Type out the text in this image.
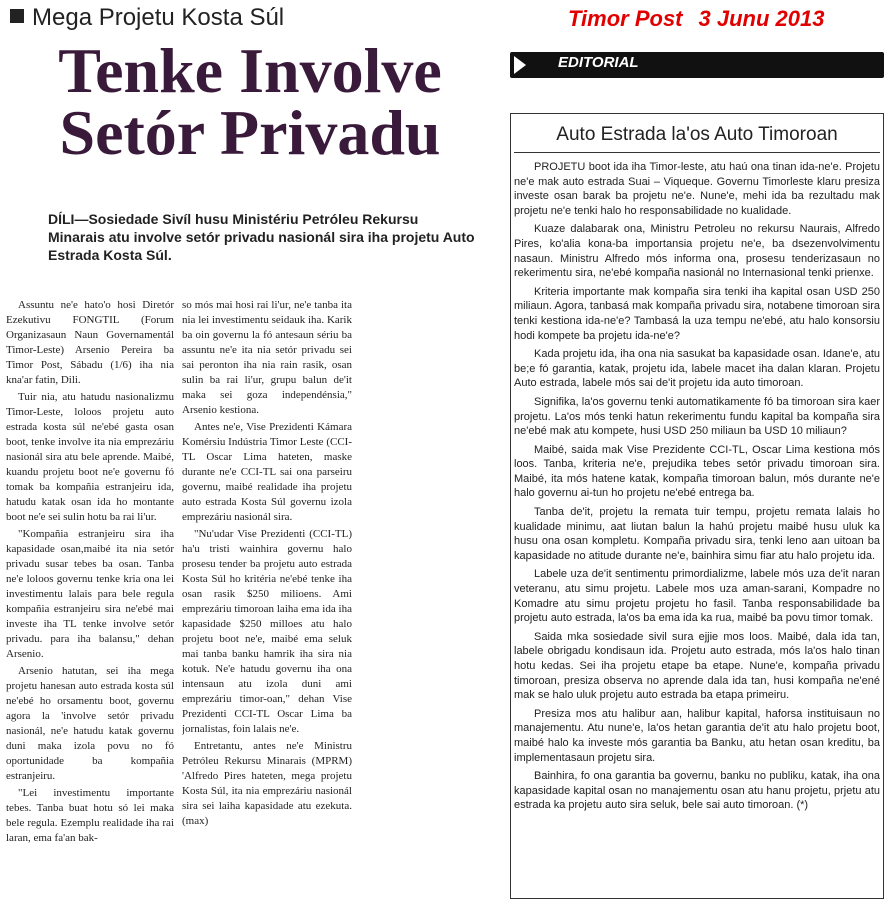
Mega Projetu Kosta Súl	Timor Post 3 Junu 2013
Tenke Involve
Setór Privadu
DÍLI—Sosiedade Sivíl husu Ministériu Petróleu Rekursu Minarais atu involve setór privadu nasionál sira iha projetu Auto Estrada Kosta Súl.

Assuntu ne'e hato'o hosi Diretór Ezekutivu FONGTIL (Forum Organizasaun Naun Governamentál Timor-Leste) Arsenio Pereira ba Timor Post, Sábadu (1/6) iha nia kna'ar fatin, Dili.

Tuir nia, atu hatudu nasionalizmu Timor-Leste, loloos projetu auto estrada kosta súl ne'ebé gasta osan boot, tenke involve ita nia emprezáriu nasionál sira atu bele aprende. Maibé, kuandu projetu boot ne'e governu fó tomak ba kompañia estranjeiru ida, hatudu katak osan ida ho montante boot ne'e sei sulin hotu ba rai li'ur.

"Kompañia estranjeiru sira iha kapasidade osan,maibé ita nia setór privadu susar tebes ba osan. Tanba ne'e loloos governu tenke kria ona lei investimentu lalais para bele regula kompañia estranjeiru sira ne'ebé mai investe iha TL tenke involve setór privadu. para iha balansu," dehan Arsenio.

Arsenio hatutan, sei iha mega projetu hanesan auto estrada kosta súl ne'ebé ho orsamentu boot, governu agora la 'involve setór privadu nasionál, ne'e hatudu katak governu duni maka izola povu no fó oportunidade ba kompañia estranjeiru.

"Lei investimentu importante tebes. Tanba buat hotu só lei maka bele regula. Ezemplu realidade iha rai laran, ema fa'an bak-

so mós mai hosi rai li'ur, ne'e tanba ita nia lei investimentu seidauk iha. Karik ba oin governu la fó antesaun sériu ba assuntu ne'e ita nia setór privadu sei sai peronton iha nia rain rasik, osan sulin ba rai li'ur, grupu balun de'it maka sei goza independénsia," Arsenio kestiona.

Antes ne'e, Vise Prezidenti Kámara Komérsiu Indústria Timor Leste (CCI-TL Oscar Lima hateten, maske durante ne'e CCI-TL sai ona parseiru governu, maibé realidade iha projetu auto estrada Kosta Súl governu izola emprezáriu nasionál sira.

"Nu'udar Vise Prezidenti (CCI-TL) ha'u tristi wainhira governu halo prosesu tender ba projetu auto estrada Kosta Súl ho kritéria ne'ebé tenke iha osan rasik $250 milioens. Ami emprezáriu timoroan laiha ema ida iha kapasidade $250 milloes atu halo projetu boot ne'e, maibé ema seluk mai tanba banku hamrik iha sira nia kotuk. Ne'e hatudu governu iha ona intensaun atu izola duni ami emprezáriu timor-oan," dehan Vise Prezidenti CCI-TL Oscar Lima ba jornalistas, foin lalais ne'e.

Entretantu, antes ne'e Ministru Petróleu Rekursu Minarais (MPRM) 'Alfredo Pires hateten, mega projetu Kosta Súl, ita nia emprezáriu nasionál sira sei laiha kapasidade atu ezekuta. (max)

EDITORIAL
Auto Estrada la'os Auto Timoroan

PROJETU boot ida iha Timor-leste, atu haú ona tinan ida-ne'e. Projetu ne'e mak auto estrada Suai – Viqueque. Governu Timorleste klaru presiza investe osan barak ba projetu ne'e. Nune'e, mehi ida ba rezultadu mak projetu ne'e tenki halo ho responsabilidade no kualidade.

Kuaze dalabarak ona, Ministru Petroleu no rekursu Naurais, Alfredo Pires, ko'alia kona-ba importansia projetu ne'e, ba dsezenvolvimentu nasaun. Ministru Alfredo mós informa ona, prosesu tenderizasaun no rekerimentu sira, ne'ebé kompaña nasionál no Internasional tenki prienxe.

Kriteria importante mak kompaña sira tenki iha kapital osan USD 250 miliaun. Agora, tanbasá mak kompaña privadu sira, notabene timoroan sira tenki kestiona ida-ne'e? Tambasá la uza tempu ne'ebé, atu halo konsorsiu hodi kompete ba projetu ida-ne'e?

Kada projetu ida, iha ona nia sasukat ba kapasidade osan. Idane'e, atu be;e fó garantia, katak, projetu ida, labele macet iha dalan klaran. Projetu Auto estrada, labele mós sai de'it projetu ida auto timoroan.

Signifika, la'os governu tenki automatikamente fó ba timoroan sira kaer projetu. La'os mós tenki hatun rekerimentu fundu kapital ba kompaña sira ne'ebé mak atu kompete, husi USD 250 miliaun ba USD 10 miliaun?

Maibé, saida mak Vise Prezidente CCI-TL, Oscar Lima kestiona mós loos. Tanba, kriteria ne'e, prejudika tebes setór privadu timoroan sira. Maibé, ita mós hatene katak, kompaña timoroan balun, mós durante ne'e halo governu ai-tun ho projetu ne'ebé entrega ba.

Tanba de'it, projetu la remata tuir tempu, projetu remata lalais ho kualidade minimu, aat liutan balun la hahú projetu maibé husu uluk ka husu ona osan kompletu. Kompaña privadu sira, tenki leno aan uitoan ba kapasidade no atitude durante ne'e, bainhira simu fiar atu halo projetu ida.

Labele uza de'it sentimentu primordializme, labele mós uza de'it naran veteranu, atu simu projetu. Labele mos uza aman-sarani, Kompadre no Komadre atu simu projetu projetu ho fasil. Tanba responsabilidade ba projetu auto estrada, la'os ba ema ida ka rua, maibé ba povu timor tomak.

Saida mka sosiedade sivil sura ejjie mos loos. Maibé, dala ida tan, labele obrigadu kondisaun ida. Projetu auto estrada, mós la'os halo tinan hotu kedas. Sei iha projetu etape ba etape. Nune'e, kompaña privadu timoroan, presiza observa no aprende dala ida tan, husi kompaña ne'ené mak se halo uluk projetu auto estrada ba etapa primeiru.

Presiza mos atu halibur aan, halibur kapital, haforsa instituisaun no manajementu. Atu nune'e, la'os hetan garantia de'it atu halo projetu boot, maibé halo ka investe mós garantia ba Banku, atu hetan osan kreditu, ba implementasaun projetu sira.

Bainhira, fo ona garantia ba governu, banku no publiku, katak, iha ona kapasidade kapital osan no manajementu osan atu hanu projetu, prjetu atu estrada ka projetu auto sira seluk, bele sai auto timoroan. (*)
